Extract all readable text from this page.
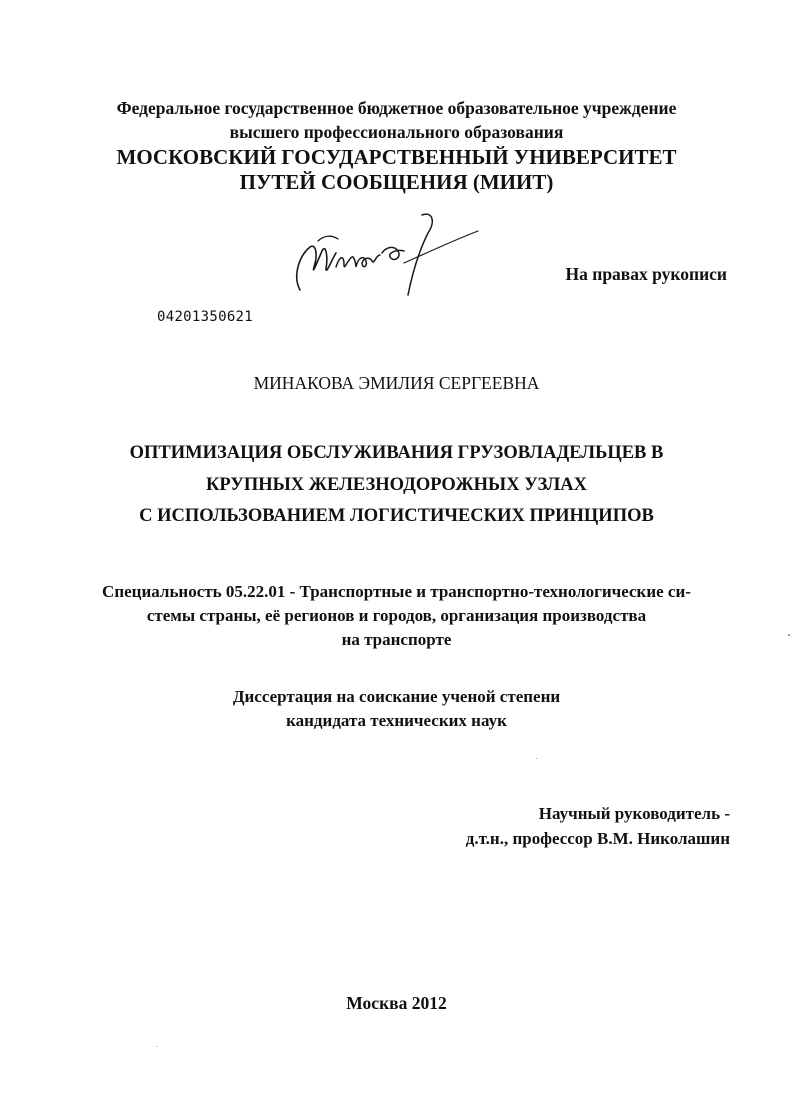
Федеральное государственное бюджетное образовательное учреждение
высшего профессионального образования
МОСКОВСКИЙ ГОСУДАРСТВЕННЫЙ УНИВЕРСИТЕТ
ПУТЕЙ СООБЩЕНИЯ (МИИТ)
На правах рукописи
04201350621
МИНАКОВА ЭМИЛИЯ СЕРГЕЕВНА
ОПТИМИЗАЦИЯ ОБСЛУЖИВАНИЯ ГРУЗОВЛАДЕЛЬЦЕВ В
КРУПНЫХ ЖЕЛЕЗНОДОРОЖНЫХ УЗЛАХ
С ИСПОЛЬЗОВАНИЕМ ЛОГИСТИЧЕСКИХ ПРИНЦИПОВ
Специальность 05.22.01 - Транспортные и транспортно-технологические си-
стемы страны, её регионов и городов, организация производства
на транспорте
Диссертация на соискание ученой степени
кандидата технических наук
Научный руководитель -
д.т.н., профессор В.М. Николашин
Москва 2012
